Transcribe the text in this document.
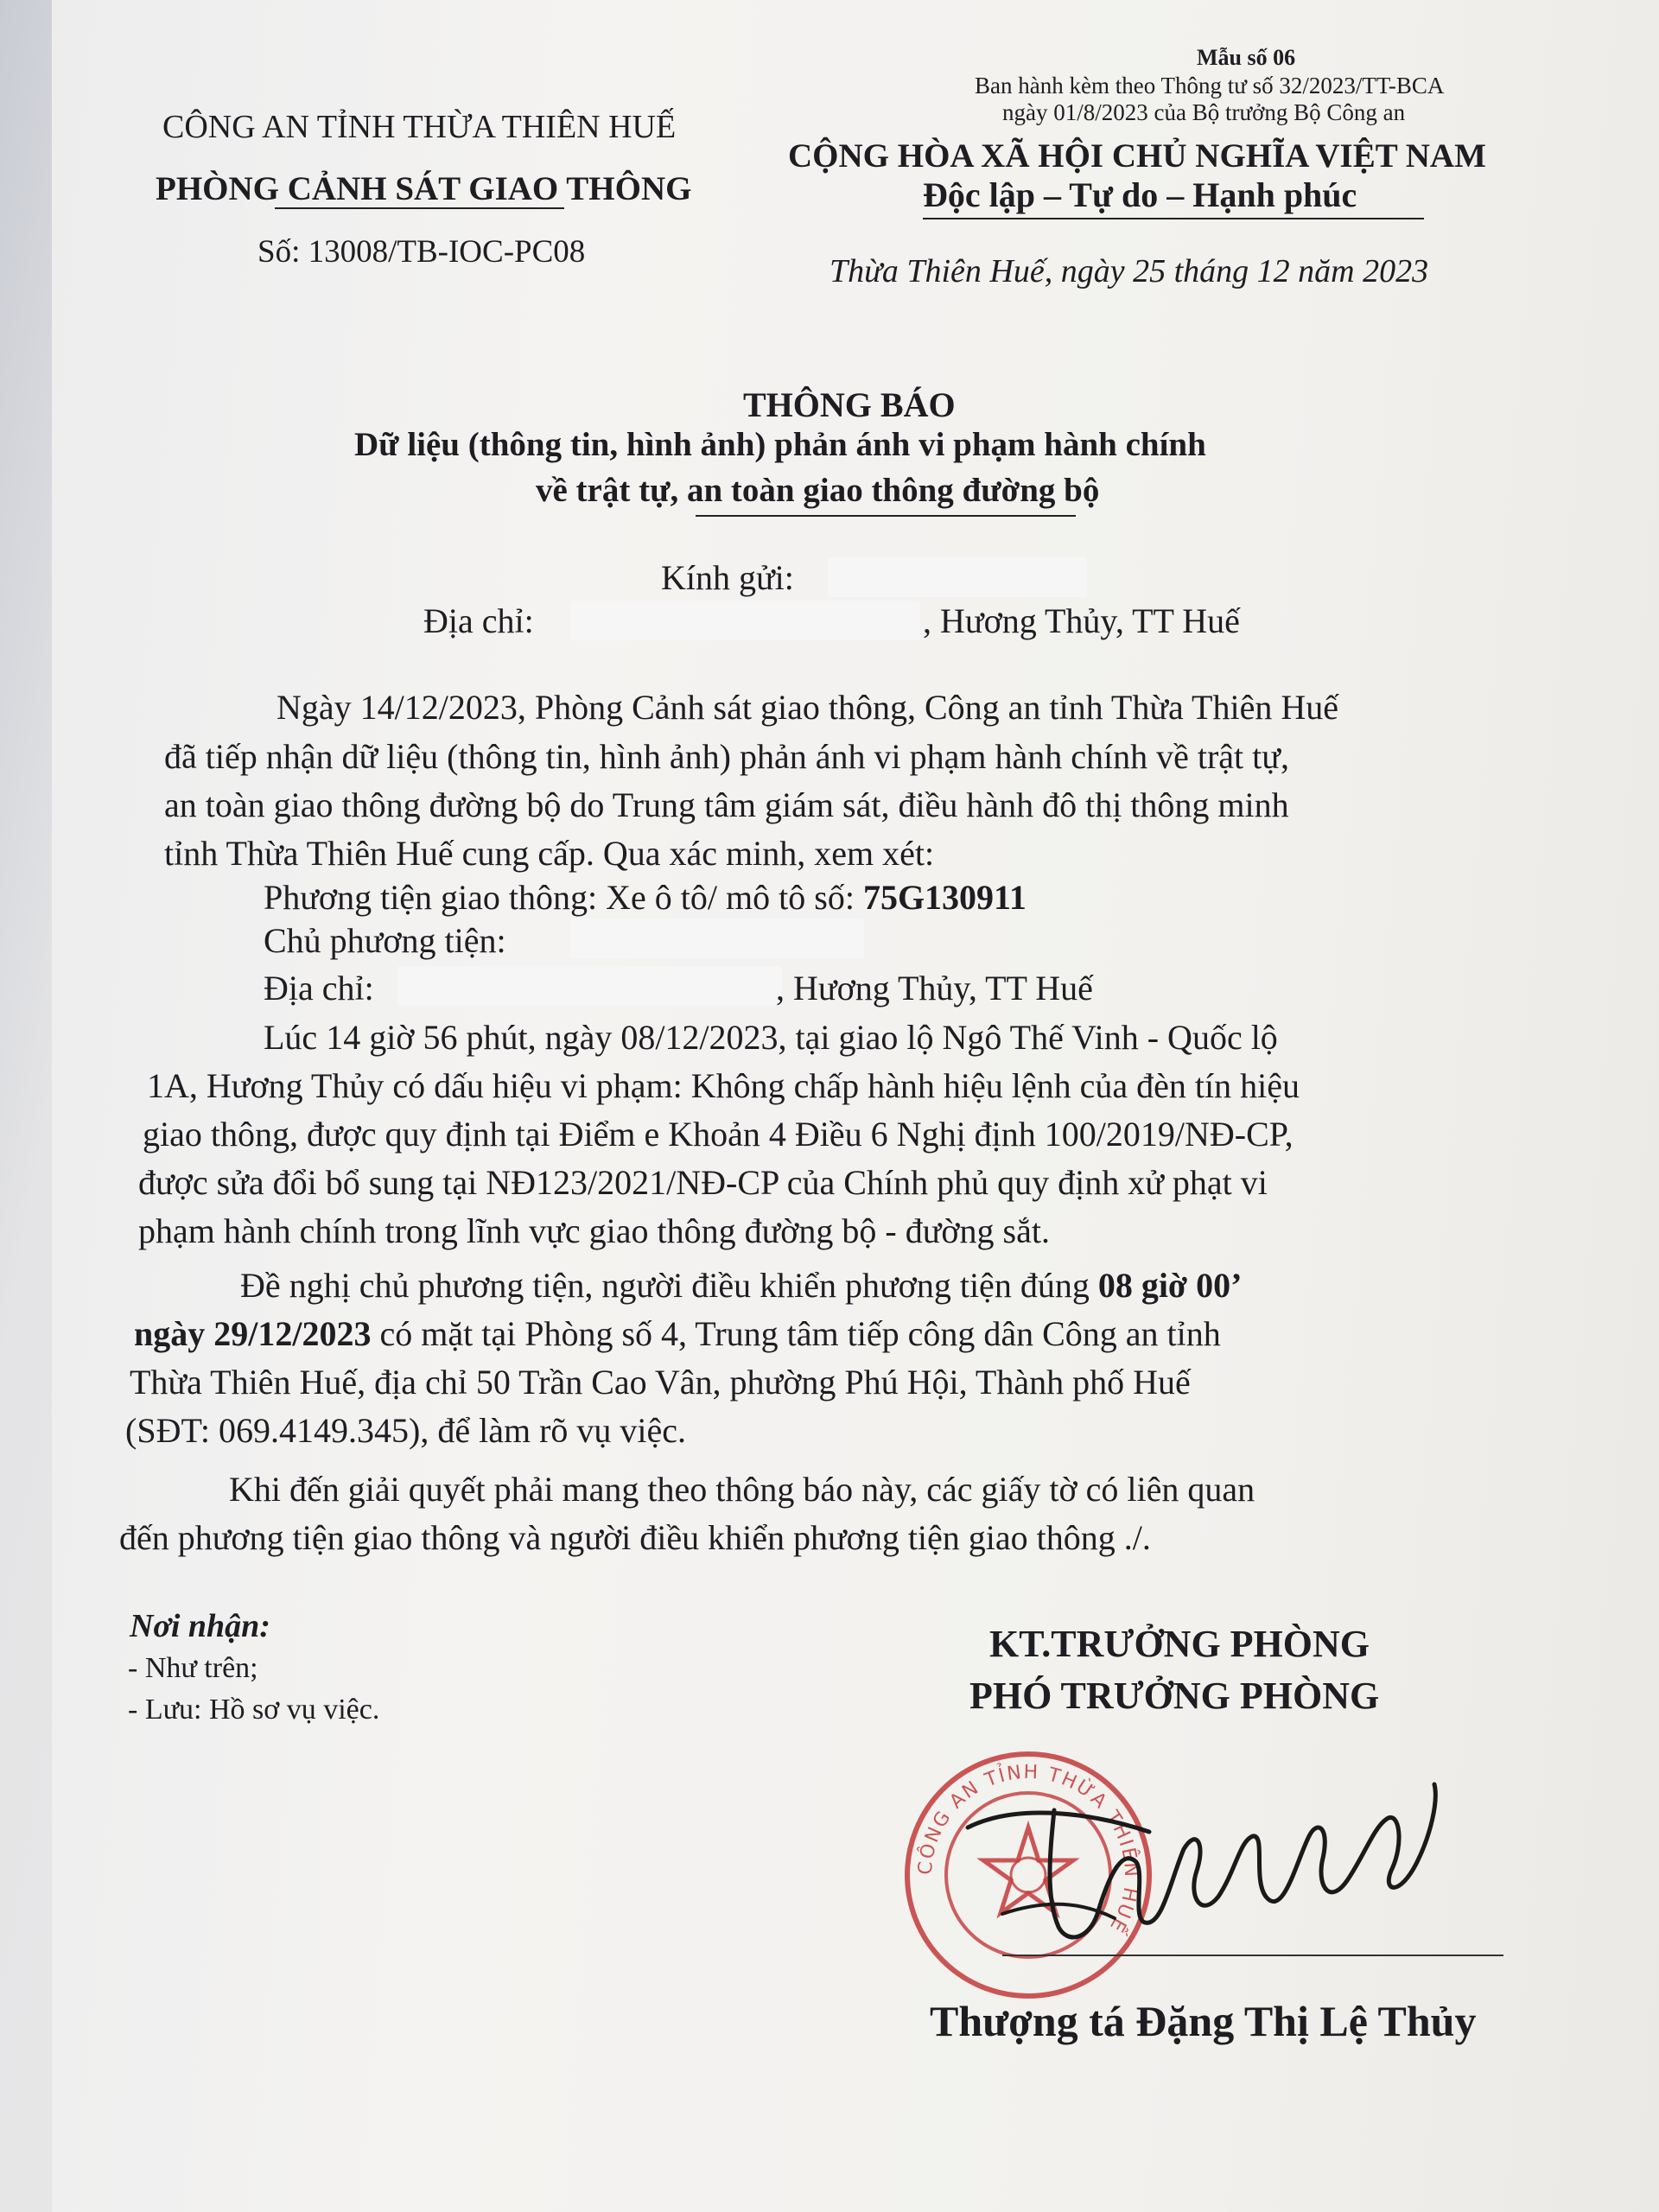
Mẫu số 06
Ban hành kèm theo Thông tư số 32/2023/TT-BCA
ngày 01/8/2023 của Bộ trưởng Bộ Công an
CÔNG AN TỈNH THỪA THIÊN HUẾ
PHÒNG CẢNH SÁT GIAO THÔNG
Số: 13008/TB-IOC-PC08
CỘNG HÒA XÃ HỘI CHỦ NGHĨA VIỆT NAM
Độc lập – Tự do – Hạnh phúc
Thừa Thiên Huế, ngày 25 tháng 12 năm 2023
THÔNG BÁO
Dữ liệu (thông tin, hình ảnh) phản ánh vi phạm hành chính
về trật tự, an toàn giao thông đường bộ
Kính gửi:
Địa chỉ:	, Hương Thủy, TT Huế
Ngày 14/12/2023, Phòng Cảnh sát giao thông, Công an tỉnh Thừa Thiên Huế
đã tiếp nhận dữ liệu (thông tin, hình ảnh) phản ánh vi phạm hành chính về trật tự,
an toàn giao thông đường bộ do Trung tâm giám sát, điều hành đô thị thông minh
tỉnh Thừa Thiên Huế cung cấp. Qua xác minh, xem xét:
Phương tiện giao thông: Xe ô tô/ mô tô số: 75G130911
Chủ phương tiện:
Địa chỉ:	, Hương Thủy, TT Huế
Lúc 14 giờ 56 phút, ngày 08/12/2023, tại giao lộ Ngô Thế Vinh - Quốc lộ
1A, Hương Thủy có dấu hiệu vi phạm: Không chấp hành hiệu lệnh của đèn tín hiệu
giao thông, được quy định tại Điểm e Khoản 4 Điều 6 Nghị định 100/2019/NĐ-CP,
được sửa đổi bổ sung tại NĐ123/2021/NĐ-CP của Chính phủ quy định xử phạt vi
phạm hành chính trong lĩnh vực giao thông đường bộ - đường sắt.
Đề nghị chủ phương tiện, người điều khiển phương tiện đúng 08 giờ 00’
ngày 29/12/2023 có mặt tại Phòng số 4, Trung tâm tiếp công dân Công an tỉnh
Thừa Thiên Huế, địa chỉ 50 Trần Cao Vân, phường Phú Hội, Thành phố Huế
(SĐT: 069.4149.345), để làm rõ vụ việc.
Khi đến giải quyết phải mang theo thông báo này, các giấy tờ có liên quan
đến phương tiện giao thông và người điều khiển phương tiện giao thông ./.
Nơi nhận:
- Như trên;
- Lưu: Hồ sơ vụ việc.
KT.TRƯỞNG PHÒNG
PHÓ TRƯỞNG PHÒNG
CÔNG AN TỈNH THỪA THIÊN HUẾ
Thượng tá Đặng Thị Lệ Thủy
